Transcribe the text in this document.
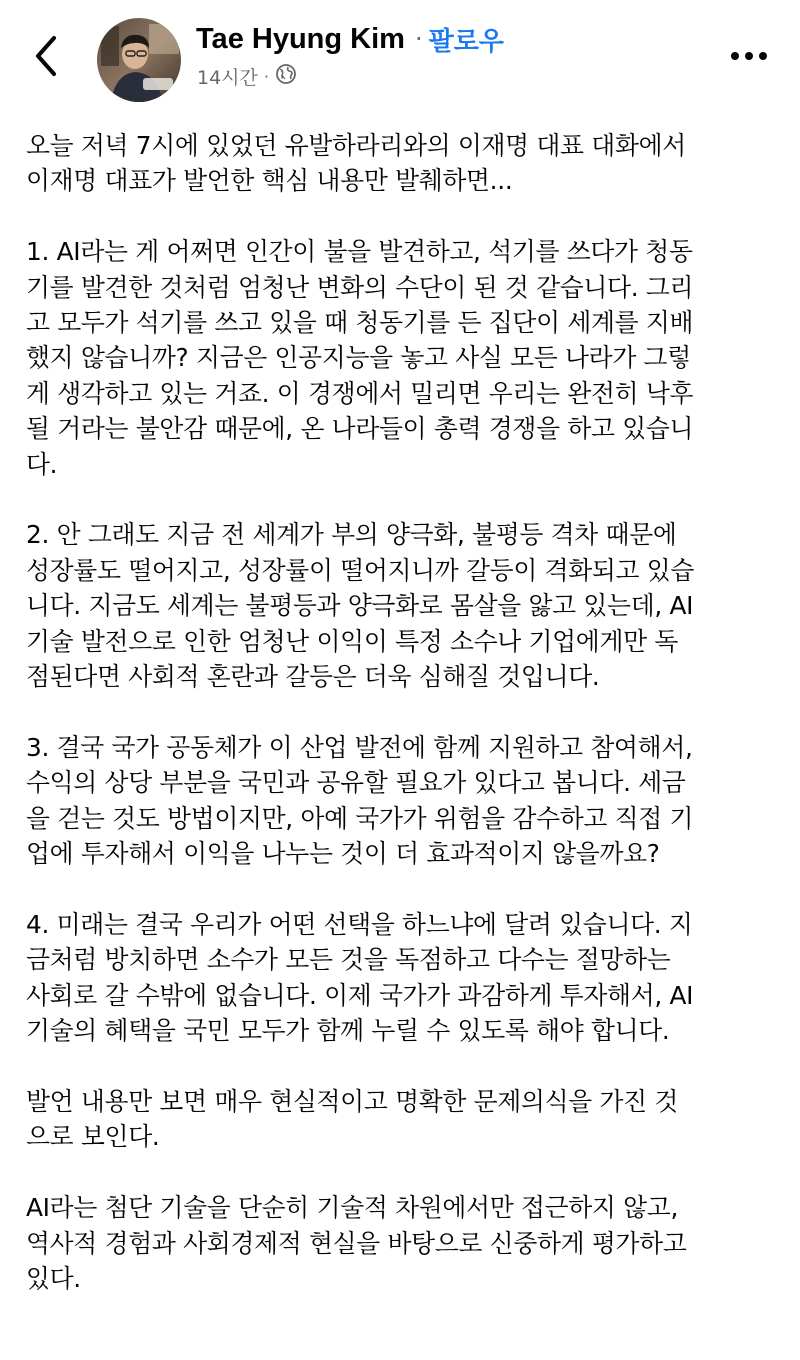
Tae Hyung Kim · 팔로우
14시간 ·

오늘 저녁 7시에 있었던 유발하라리와의 이재명 대표 대화에서
이재명 대표가 발언한 핵심 내용만 발췌하면...

1. AI라는 게 어쩌면 인간이 불을 발견하고, 석기를 쓰다가 청동
기를 발견한 것처럼 엄청난 변화의 수단이 된 것 같습니다. 그리
고 모두가 석기를 쓰고 있을 때 청동기를 든 집단이 세계를 지배
했지 않습니까? 지금은 인공지능을 놓고 사실 모든 나라가 그렇
게 생각하고 있는 거죠. 이 경쟁에서 밀리면 우리는 완전히 낙후
될 거라는 불안감 때문에, 온 나라들이 총력 경쟁을 하고 있습니
다.

2. 안 그래도 지금 전 세계가 부의 양극화, 불평등 격차 때문에
성장률도 떨어지고, 성장률이 떨어지니까 갈등이 격화되고 있습
니다. 지금도 세계는 불평등과 양극화로 몸살을 앓고 있는데, AI
기술 발전으로 인한 엄청난 이익이 특정 소수나 기업에게만 독
점된다면 사회적 혼란과 갈등은 더욱 심해질 것입니다.

3. 결국 국가 공동체가 이 산업 발전에 함께 지원하고 참여해서,
수익의 상당 부분을 국민과 공유할 필요가 있다고 봅니다. 세금
을 걷는 것도 방법이지만, 아예 국가가 위험을 감수하고 직접 기
업에 투자해서 이익을 나누는 것이 더 효과적이지 않을까요?

4. 미래는 결국 우리가 어떤 선택을 하느냐에 달려 있습니다. 지
금처럼 방치하면 소수가 모든 것을 독점하고 다수는 절망하는
사회로 갈 수밖에 없습니다. 이제 국가가 과감하게 투자해서, AI
기술의 혜택을 국민 모두가 함께 누릴 수 있도록 해야 합니다.

발언 내용만 보면 매우 현실적이고 명확한 문제의식을 가진 것
으로 보인다.

AI라는 첨단 기술을 단순히 기술적 차원에서만 접근하지 않고,
역사적 경험과 사회경제적 현실을 바탕으로 신중하게 평가하고
있다.
